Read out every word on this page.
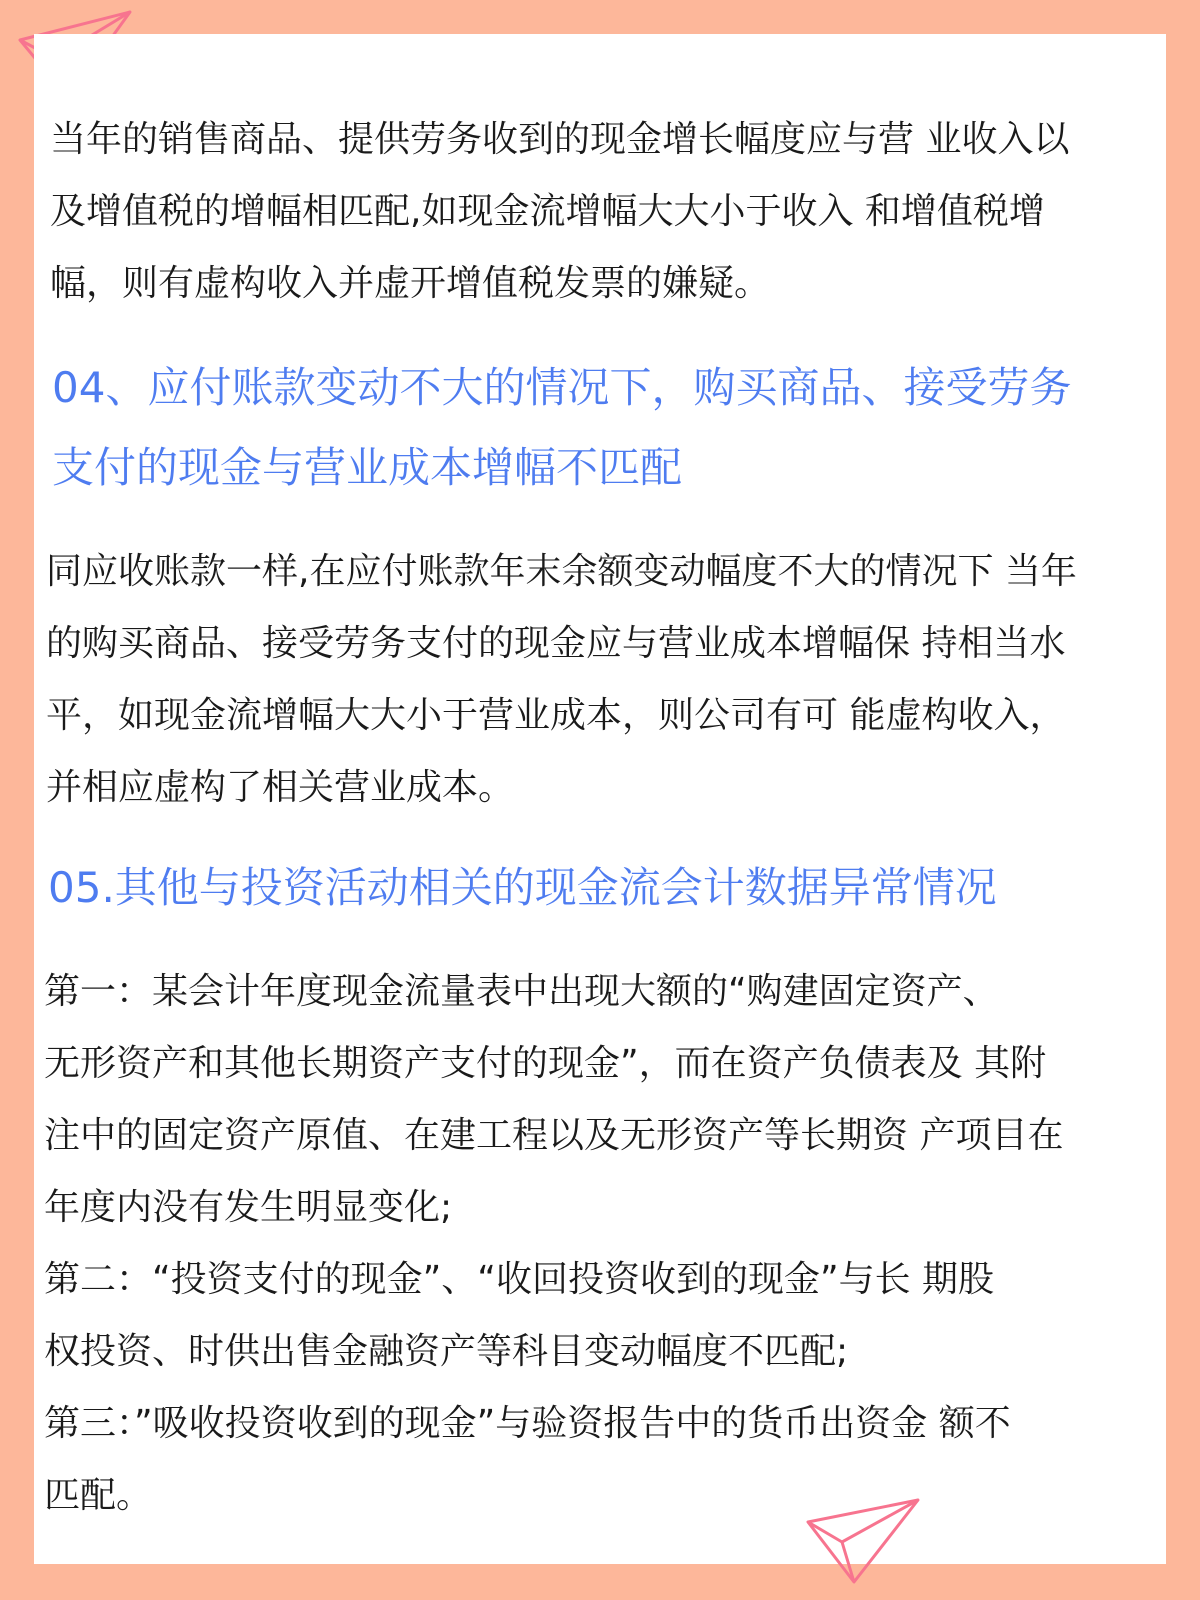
当年的销售商品、提供劳务收到的现金增长幅度应与营 业收入以
及增值税的增幅相匹配,如现金流增幅大大小于收入 和增值税增
幅，则有虚构收入并虚开增值税发票的嫌疑。
04、应付账款变动不大的情况下，购买商品、接受劳务
支付的现金与营业成本增幅不匹配
同应收账款一样,在应付账款年末余额变动幅度不大的情况下 当年
的购买商品、接受劳务支付的现金应与营业成本增幅保 持相当水
平，如现金流增幅大大小于营业成本，则公司有可 能虚构收入，
并相应虚构了相关营业成本。
05.其他与投资活动相关的现金流会计数据异常情况
第一：某会计年度现金流量表中出现大额的“购建固定资产、
无形资产和其他长期资产支付的现金”，而在资产负债表及 其附
注中的固定资产原值、在建工程以及无形资产等长期资 产项目在
年度内没有发生明显变化;
第二：“投资支付的现金”、“收回投资收到的现金”与长 期股
权投资、时供出售金融资产等科目变动幅度不匹配;
第三：”吸收投资收到的现金”与验资报告中的货币出资金 额不
匹配。
